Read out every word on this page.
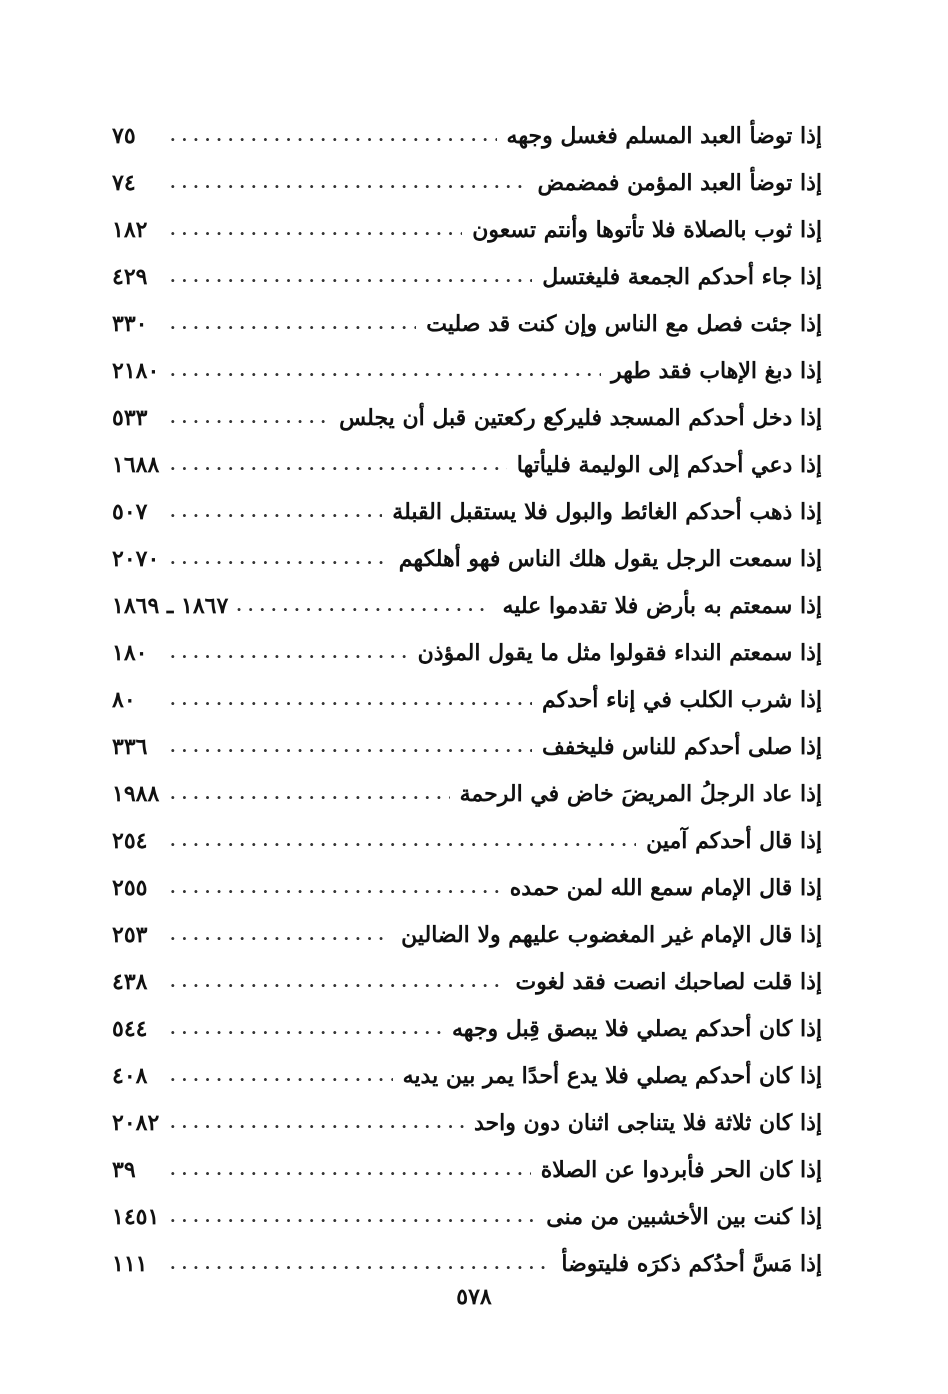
إذا توضأ العبد المسلم فغسل وجهه
.....
٧٥
إذا توضأ العبد المؤمن فمضمض
.....
٧٤
إذا ثوب بالصلاة فلا تأتوها وأنتم تسعون
.....
١٨٢
إذا جاء أحدكم الجمعة فليغتسل
.....
٤٢٩
إذا جئت فصل مع الناس وإن كنت قد صليت
.....
٣٣٠
إذا دبغ الإهاب فقد طهر
.....
٢١٨٠
إذا دخل أحدكم المسجد فليركع ركعتين قبل أن يجلس
.....
٥٣٣
إذا دعي أحدكم إلى الوليمة فليأتها
.....
١٦٨٨
إذا ذهب أحدكم الغائط والبول فلا يستقبل القبلة
.....
٥٠٧
إذا سمعت الرجل يقول هلك الناس فهو أهلكهم
.....
٢٠٧٠
إذا سمعتم به بأرض فلا تقدموا عليه
.....
١٨٦٧ ـ ١٨٦٩
إذا سمعتم النداء فقولوا مثل ما يقول المؤذن
.....
١٨٠
إذا شرب الكلب في إناء أحدكم
.....
٨٠
إذا صلى أحدكم للناس فليخفف
.....
٣٣٦
إذا عاد الرجلُ المريضَ خاض في الرحمة
.....
١٩٨٨
إذا قال أحدكم آمين
.....
٢٥٤
إذا قال الإمام سمع الله لمن حمده
.....
٢٥٥
إذا قال الإمام غير المغضوب عليهم ولا الضالين
.....
٢٥٣
إذا قلت لصاحبك انصت فقد لغوت
.....
٤٣٨
إذا كان أحدكم يصلي فلا يبصق قِبل وجهه
.....
٥٤٤
إذا كان أحدكم يصلي فلا يدع أحدًا يمر بين يديه
.....
٤٠٨
إذا كان ثلاثة فلا يتناجى اثنان دون واحد
.....
٢٠٨٢
إذا كان الحر فأبردوا عن الصلاة
.....
٣٩
إذا كنت بين الأخشبين من منى
.....
١٤٥١
إذا مَسَّ أحدُكم ذكرَه فليتوضأ
.....
١١١
٥٧٨
